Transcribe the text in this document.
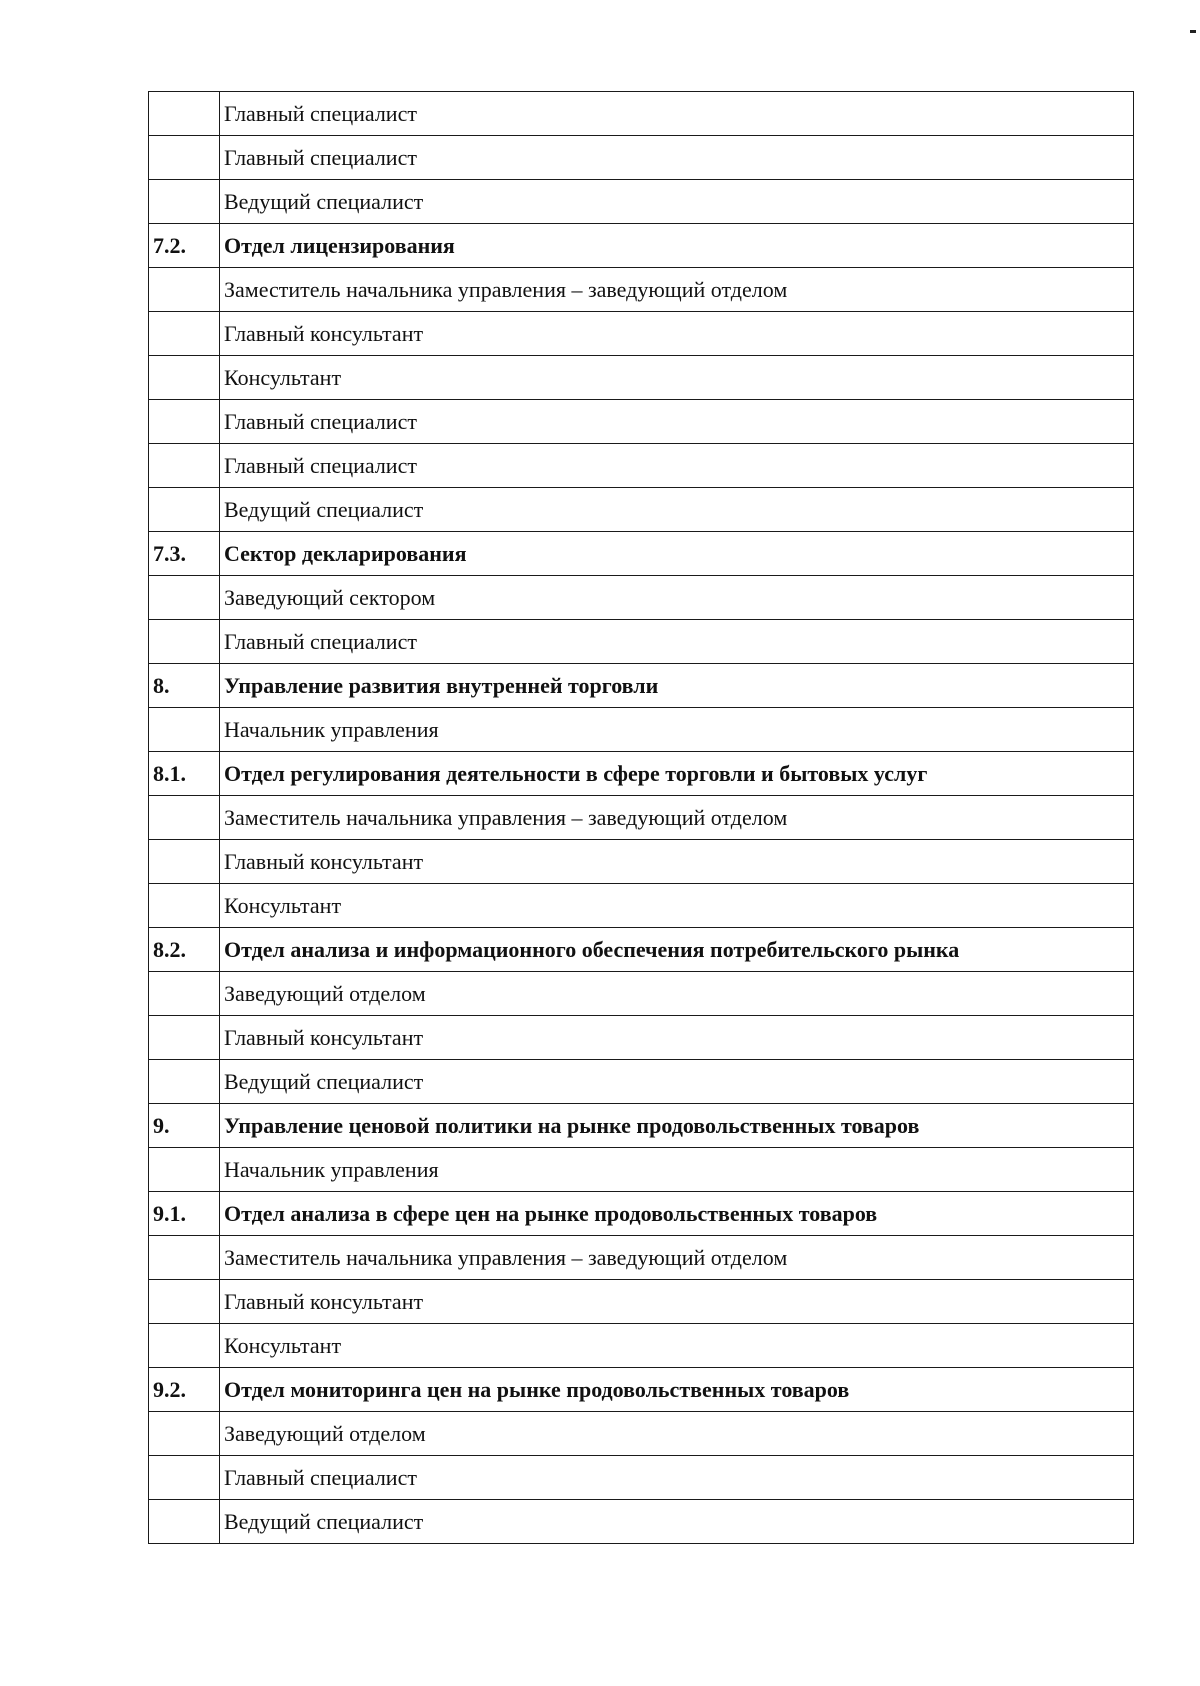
	Главный специалист
	Главный специалист
	Ведущий специалист
7.2.	Отдел лицензирования
	Заместитель начальника управления – заведующий отделом
	Главный консультант
	Консультант
	Главный специалист
	Главный специалист
	Ведущий специалист
7.3.	Сектор декларирования
	Заведующий сектором
	Главный специалист
8.	Управление развития внутренней торговли
	Начальник управления
8.1.	Отдел регулирования деятельности в сфере торговли и бытовых услуг
	Заместитель начальника управления – заведующий отделом
	Главный консультант
	Консультант
8.2.	Отдел анализа и информационного обеспечения потребительского рынка
	Заведующий отделом
	Главный консультант
	Ведущий специалист
9.	Управление ценовой политики на рынке продовольственных товаров
	Начальник управления
9.1.	Отдел анализа в сфере цен на рынке продовольственных товаров
	Заместитель начальника управления – заведующий отделом
	Главный консультант
	Консультант
9.2.	Отдел мониторинга цен на рынке продовольственных товаров
	Заведующий отделом
	Главный специалист
	Ведущий специалист
